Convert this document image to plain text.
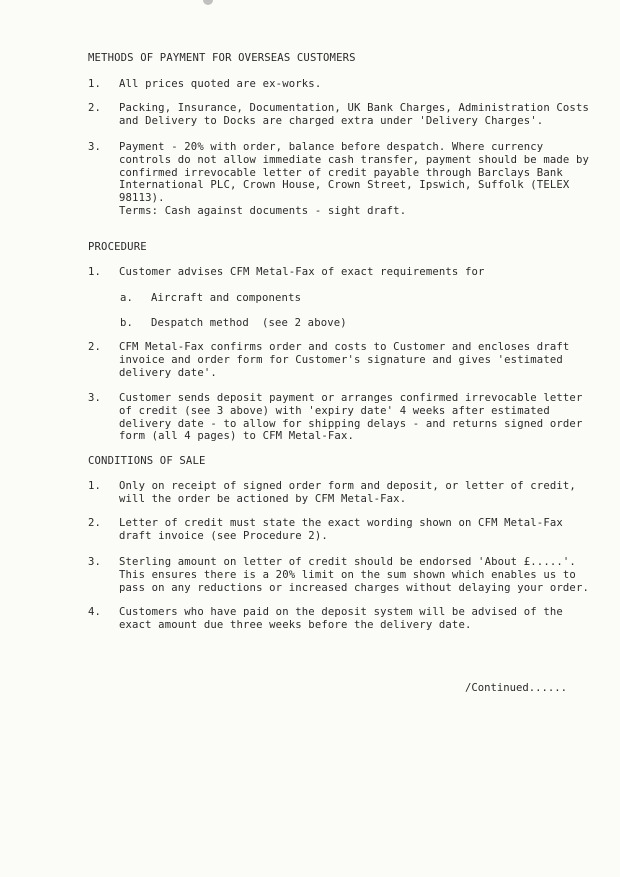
METHODS OF PAYMENT FOR OVERSEAS CUSTOMERS
1. All prices quoted are ex-works.
2. Packing, Insurance, Documentation, UK Bank Charges, Administration Costs
and Delivery to Docks are charged extra under 'Delivery Charges'.
3. Payment - 20% with order, balance before despatch. Where currency
controls do not allow immediate cash transfer, payment should be made by
confirmed irrevocable letter of credit payable through Barclays Bank
International PLC, Crown House, Crown Street, Ipswich, Suffolk (TELEX
98113).
Terms: Cash against documents - sight draft.
PROCEDURE
1. Customer advises CFM Metal-Fax of exact requirements for
a. Aircraft and components
b. Despatch method  (see 2 above)
2. CFM Metal-Fax confirms order and costs to Customer and encloses draft
invoice and order form for Customer's signature and gives 'estimated
delivery date'.
3. Customer sends deposit payment or arranges confirmed irrevocable letter
of credit (see 3 above) with 'expiry date' 4 weeks after estimated
delivery date - to allow for shipping delays - and returns signed order
form (all 4 pages) to CFM Metal-Fax.
CONDITIONS OF SALE
1. Only on receipt of signed order form and deposit, or letter of credit,
will the order be actioned by CFM Metal-Fax.
2. Letter of credit must state the exact wording shown on CFM Metal-Fax
draft invoice (see Procedure 2).
3. Sterling amount on letter of credit should be endorsed 'About £.....'.
This ensures there is a 20% limit on the sum shown which enables us to
pass on any reductions or increased charges without delaying your order.
4. Customers who have paid on the deposit system will be advised of the
exact amount due three weeks before the delivery date.
/Continued......
